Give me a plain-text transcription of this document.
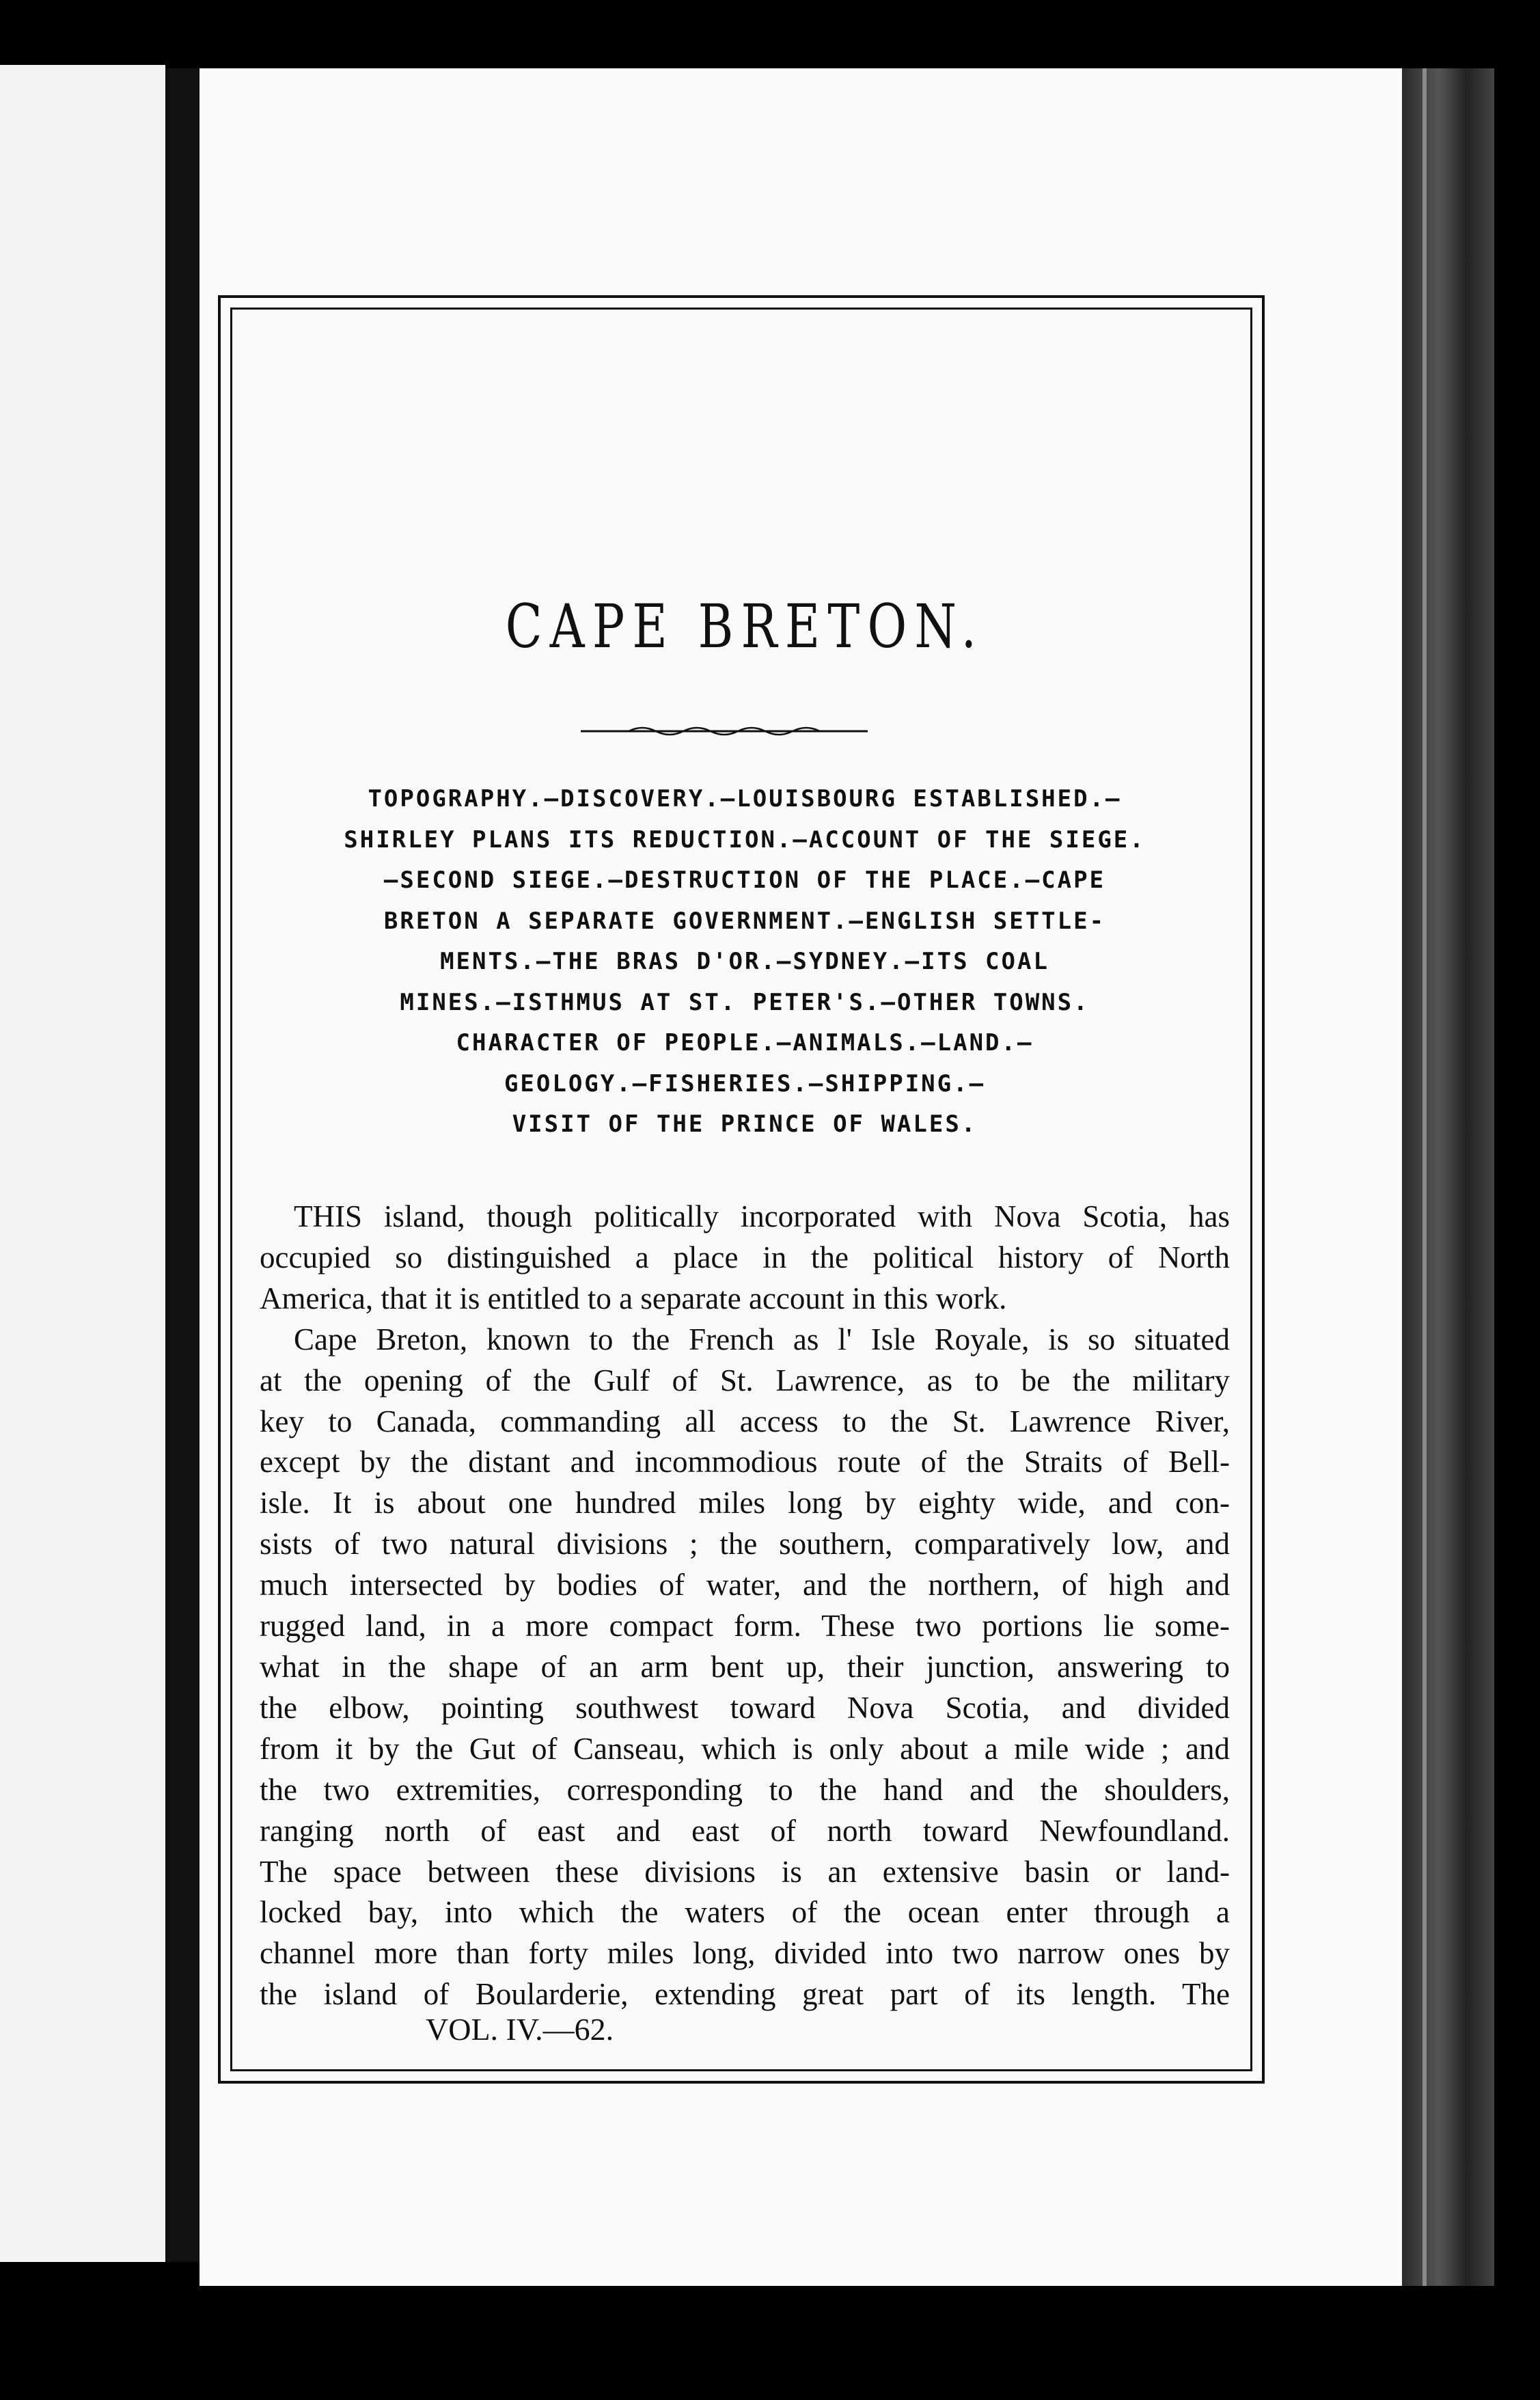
CAPE BRETON.
TOPOGRAPHY.—DISCOVERY.—LOUISBOURG ESTABLISHED.—
SHIRLEY PLANS ITS REDUCTION.—ACCOUNT OF THE SIEGE.
—SECOND SIEGE.—DESTRUCTION OF THE PLACE.—CAPE
BRETON A SEPARATE GOVERNMENT.—ENGLISH SETTLE-
MENTS.—THE BRAS D'OR.—SYDNEY.—ITS COAL
MINES.—ISTHMUS AT ST. PETER'S.—OTHER TOWNS.
CHARACTER OF PEOPLE.—ANIMALS.—LAND.—
GEOLOGY.—FISHERIES.—SHIPPING.—
VISIT OF THE PRINCE OF WALES.
THIS island, though politically incorporated with Nova Scotia, has
occupied so distinguished a place in the political history of North
America, that it is entitled to a separate account in this work.
Cape Breton, known to the French as l' Isle Royale, is so situated
at the opening of the Gulf of St. Lawrence, as to be the military
key to Canada, commanding all access to the St. Lawrence River,
except by the distant and incommodious route of the Straits of Bell-
isle. It is about one hundred miles long by eighty wide, and con-
sists of two natural divisions ; the southern, comparatively low, and
much intersected by bodies of water, and the northern, of high and
rugged land, in a more compact form. These two portions lie some-
what in the shape of an arm bent up, their junction, answering to
the elbow, pointing southwest toward Nova Scotia, and divided
from it by the Gut of Canseau, which is only about a mile wide ; and
the two extremities, corresponding to the hand and the shoulders,
ranging north of east and east of north toward Newfoundland.
The space between these divisions is an extensive basin or land-
locked bay, into which the waters of the ocean enter through a
channel more than forty miles long, divided into two narrow ones by
the island of Boularderie, extending great part of its length. The
VOL. IV.—62.
